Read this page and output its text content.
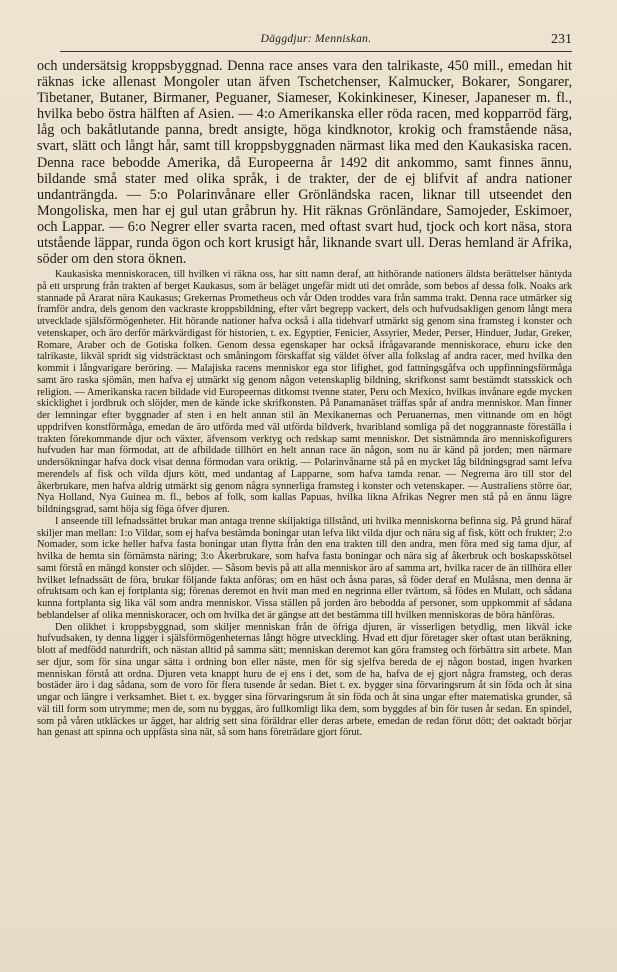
Däggdjur: Menniskan.	231

och undersätsig kroppsbyggnad. Denna race anses vara den talrikaste, 450 mill., emedan hit räknas icke allenast Mongoler utan äfven Tschetchenser, Kalmucker, Bokarer, Songarer, Tibetaner, Butaner, Birmaner, Peguaner, Siameser, Kokinkineser, Kineser, Japaneser m. fl., hvilka bebo östra hälften af Asien. — 4:o Amerikanska eller röda racen, med kopparröd färg, låg och bakåtlutande panna, bredt ansigte, höga kindknotor, krokig och framstående näsa, svart, slätt och långt hår, samt till kroppsbyggnaden närmast lika med den Kaukasiska racen. Denna race bebodde Amerika, då Europeerna år 1492 dit ankommo, samt finnes ännu, bildande små stater med olika språk, i de trakter, der de ej blifvit af andra nationer undanträngda. — 5:o Polarinvånare eller Grönländska racen, liknar till utseendet den Mongoliska, men har ej gul utan gråbrun hy. Hit räknas Grönländare, Samojeder, Eskimoer, och Lappar. — 6:o Negrer eller svarta racen, med oftast svart hud, tjock och kort näsa, stora utstående läppar, runda ögon och kort krusigt hår, liknande svart ull. Deras hemland är Afrika, söder om den stora öknen.

Kaukasiska menniskoracen, till hvilken vi räkna oss, har sitt namn deraf, att hithörande nationers äldsta berättelser häntyda på ett ursprung från trakten af berget Kaukasus, som är beläget ungefär midt uti det område, som bebos af dessa folk. Noaks ark stannade på Ararat nära Kaukasus; Grekernas Prometheus och vår Oden troddes vara från samma trakt. Denna race utmärker sig framför andra, dels genom den vackraste kroppsbildning, efter vårt begrepp vackert, dels och hufvudsakligen genom långt mera utvecklade själsförmögenheter. Hit hörande nationer hafva också i alla tidehvarf utmärkt sig genom sina framsteg i konster och vetenskaper, och äro derför märkvärdigast för historien, t. ex. Egyptier, Fenicier, Assyrier, Meder, Perser, Hinduer, Judar, Greker, Romare, Araber och de Gotiska folken. Genom dessa egenskaper har också ifrågavarande menniskorace, ehuru icke den talrikaste, likväl spridt sig vidsträcktast och småningom förskaffat sig väldet öfver alla folkslag af andra racer, med hvilka den kommit i långvarigare beröring. — Malajiska racens menniskor ega stor lifighet, god fattningsgåfva och uppfinningsförmåga samt äro raska sjömän, men hafva ej utmärkt sig genom någon vetenskaplig bildning, skrifkonst samt bestämdt statsskick och religion. — Amerikanska racen bildade vid Europeernas ditkomst tvenne stater, Peru och Mexico, hvilkas invånare egde mycken skicklighet i jordbruk och slöjder, men de kände icke skrifkonsten. På Panamanäset träffas spår af andra menniskor. Man finner der lemningar efter byggnader af sten i en helt annan stil än Mexikanernas och Peruanernas, men vittnande om en högt uppdrifven konstförmåga, emedan de äro utförda med väl utförda bildverk, hvaribland somliga på det noggrannaste föreställa i trakten förekommande djur och växter, äfvensom verktyg och redskap samt menniskor. Det sistnämnda äro menniskofigurers hufvuden har man förmodat, att de afbildade tillhört en helt annan race än någon, som nu är känd på jorden; men närmare undersökningar hafva dock visat denna förmodan vara oriktig. — Polarinvånarne stå på en mycket låg bildningsgrad samt lefva merendels af fisk och vilda djurs kött, med undantag af Lapparne, som hafva tamda renar. — Negrerna äro till stor del åkerbrukare, men hafva aldrig utmärkt sig genom några synnerliga framsteg i konster och vetenskaper. — Australiens större öar, Nya Holland, Nya Guinea m. fl., bebos af folk, som kallas Papuas, hvilka likna Afrikas Negrer men stå på en ännu lägre bildningsgrad, samt höja sig föga öfver djuren.

I anseende till lefnadssättet brukar man antaga trenne skiljaktiga tillstånd, uti hvilka menniskorna befinna sig. På grund häraf skiljer man mellan: 1:o Vildar, som ej hafva bestämda boningar utan lefva likt vilda djur och nära sig af fisk, kött och frukter; 2:o Nomader, som icke heller hafva fasta boningar utan flytta från den ena trakten till den andra, men föra med sig tama djur, af hvilka de hemta sin förnämsta näring; 3:o Åkerbrukare, som hafva fasta boningar och nära sig af åkerbruk och boskapsskötsel samt förstå en mängd konster och slöjder. — Såsom bevis på att alla menniskor äro af samma art, hvilka racer de än tillhöra eller hvilket lefnadssätt de föra, brukar följande fakta anföras; om en häst och åsna paras, så föder deraf en Mulåsna, men denna är ofruktsam och kan ej fortplanta sig; förenas deremot en hvit man med en negrinna eller tvärtom, så födes en Mulatt, och sådana kunna fortplanta sig lika väl som andra menniskor. Vissa ställen på jorden äro bebodda af personer, som uppkommit af sådana beblandelser af olika menniskoracer, och om hvilka det är gängse att det bestämma till hvilken menniskoras de böra hänföras.

Den olikhet i kroppsbyggnad, som skiljer menniskan från de öfriga djuren, är visserligen betydlig, men likväl icke hufvudsaken, ty denna ligger i själsförmögenheternas långt högre utveckling. Hvad ett djur företager sker oftast utan beräkning, blott af medfödd naturdrift, och nästan alltid på samma sätt; menniskan deremot kan göra framsteg och förbättra sitt arbete. Man ser djur, som för sina ungar sätta i ordning bon eller näste, men för sig sjelfva bereda de ej någon bostad, ingen hvarken menniskan förstå att ordna. Djuren veta knappt huru de ej ens i det, som de ha, hafva de ej gjort några framsteg, och deras bostäder äro i dag sådana, som de voro för flera tusende år sedan. Biet t. ex. bygger sina förvaringsrum åt sin föda och åt sina ungar och längre i verksamhet. Biet t. ex. bygger sina förvaringsrum åt sin föda och åt sina ungar efter matematiska grunder, så väl till form som utrymme; men de, som nu byggas, äro fullkomligt lika dem, som byggdes af bin för tusen år sedan. En spindel, som på våren utkläckes ur ägget, har aldrig sett sina föräldrar eller deras arbete, emedan de redan förut dött; det oaktadt börjar han genast att spinna och uppfästa sina nät, så som hans företrädare gjort förut.
